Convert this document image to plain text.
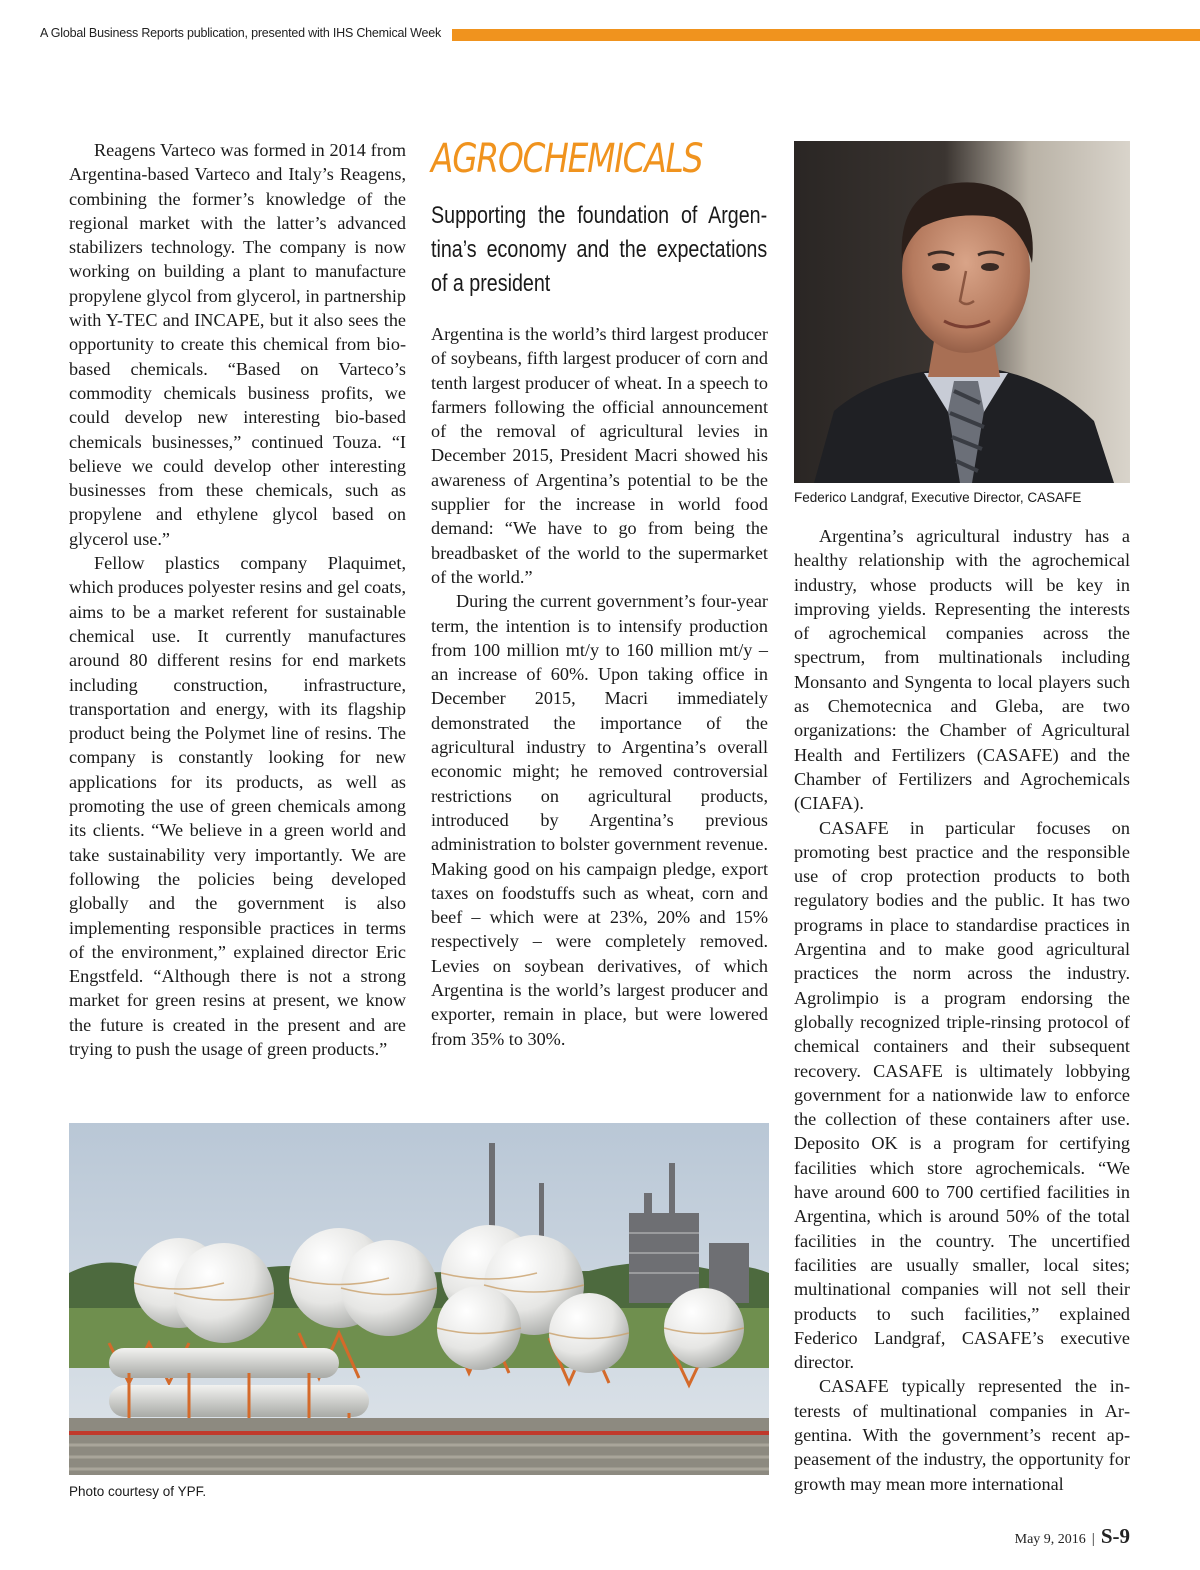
A Global Business Reports publication, presented with IHS Chemical Week

Reagens Varteco was formed in 2014 from Argentina-based Varteco and Italy’s Reagens, combining the former’s knowledge of the regional market with the latter’s advanced stabilizers technology. The company is now working on building a plant to manufacture propylene glycol from glycerol, in partnership with Y-TEC and INCAPE, but it also sees the opportunity to create this chemical from bio-based chemicals. “Based on Varteco’s commodity chemicals business profits, we could develop new interesting bio-based chemicals businesses,” continued Touza. “I believe we could develop other interesting businesses from these chemicals, such as propylene and ethylene glycol based on glycerol use.”

Fellow plastics company Plaquimet, which produces polyester resins and gel coats, aims to be a market referent for sustainable chemical use. It currently manufactures around 80 different resins for end markets including construction, infrastructure, transportation and energy, with its flagship product being the Polymet line of resins. The company is constantly looking for new applications for its products, as well as promoting the use of green chemicals among its clients. “We believe in a green world and take sustainability very importantly. We are following the policies being developed globally and the government is also implementing responsible practices in terms of the environment,” explained director Eric Engstfeld. “Although there is not a strong market for green resins at present, we know the future is created in the present and are trying to push the usage of green products.”

AGROCHEMICALS
Supporting the foundation of Argentina’s economy and the expectations of a president

Argentina is the world’s third largest producer of soybeans, fifth largest producer of corn and tenth largest producer of wheat. In a speech to farmers following the official announcement of the removal of agricultural levies in December 2015, President Macri showed his awareness of Argentina’s potential to be the supplier for the increase in world food demand: “We have to go from being the breadbasket of the world to the supermarket of the world.”

During the current government’s four-year term, the intention is to intensify production from 100 million mt/y to 160 million mt/y – an increase of 60%. Upon taking office in December 2015, Macri immediately demonstrated the importance of the agricultural industry to Argentina’s overall economic might; he removed controversial restrictions on agricultural products, introduced by Argentina’s previous administration to bolster government revenue. Making good on his campaign pledge, export taxes on foodstuffs such as wheat, corn and beef – which were at 23%, 20% and 15% respectively – were completely removed. Levies on soybean derivatives, of which Argentina is the world’s largest producer and exporter, remain in place, but were lowered from 35% to 30%.

Federico Landgraf, Executive Director, CASAFE

Argentina’s agricultural industry has a healthy relationship with the agrochemical industry, whose products will be key in improving yields. Representing the interests of agrochemical companies across the spectrum, from multinationals including Monsanto and Syngenta to local players such as Chemotecnica and Gleba, are two organizations: the Chamber of Agricultural Health and Fertilizers (CASAFE) and the Chamber of Fertilizers and Agrochemicals (CIAFA).

CASAFE in particular focuses on promoting best practice and the responsible use of crop protection products to both regulatory bodies and the public. It has two programs in place to standardise practices in Argentina and to make good agricultural practices the norm across the industry. Agrolimpio is a program endorsing the globally recognized triple-rinsing protocol of chemical containers and their subsequent recovery. CASAFE is ultimately lobbying government for a nationwide law to enforce the collection of these containers after use. Deposito OK is a program for certifying facilities which store agrochemicals. “We have around 600 to 700 certified facilities in Argentina, which is around 50% of the total facilities in the country. The uncertified facilities are usually smaller, local sites; multinational companies will not sell their products to such facilities,” explained Federico Landgraf, CASAFE’s executive director.

CASAFE typically represented the interests of multinational companies in Argentina. With the government’s recent appeasement of the industry, the opportunity for growth may mean more international

Photo courtesy of YPF.
May 9, 2016 | S-9
